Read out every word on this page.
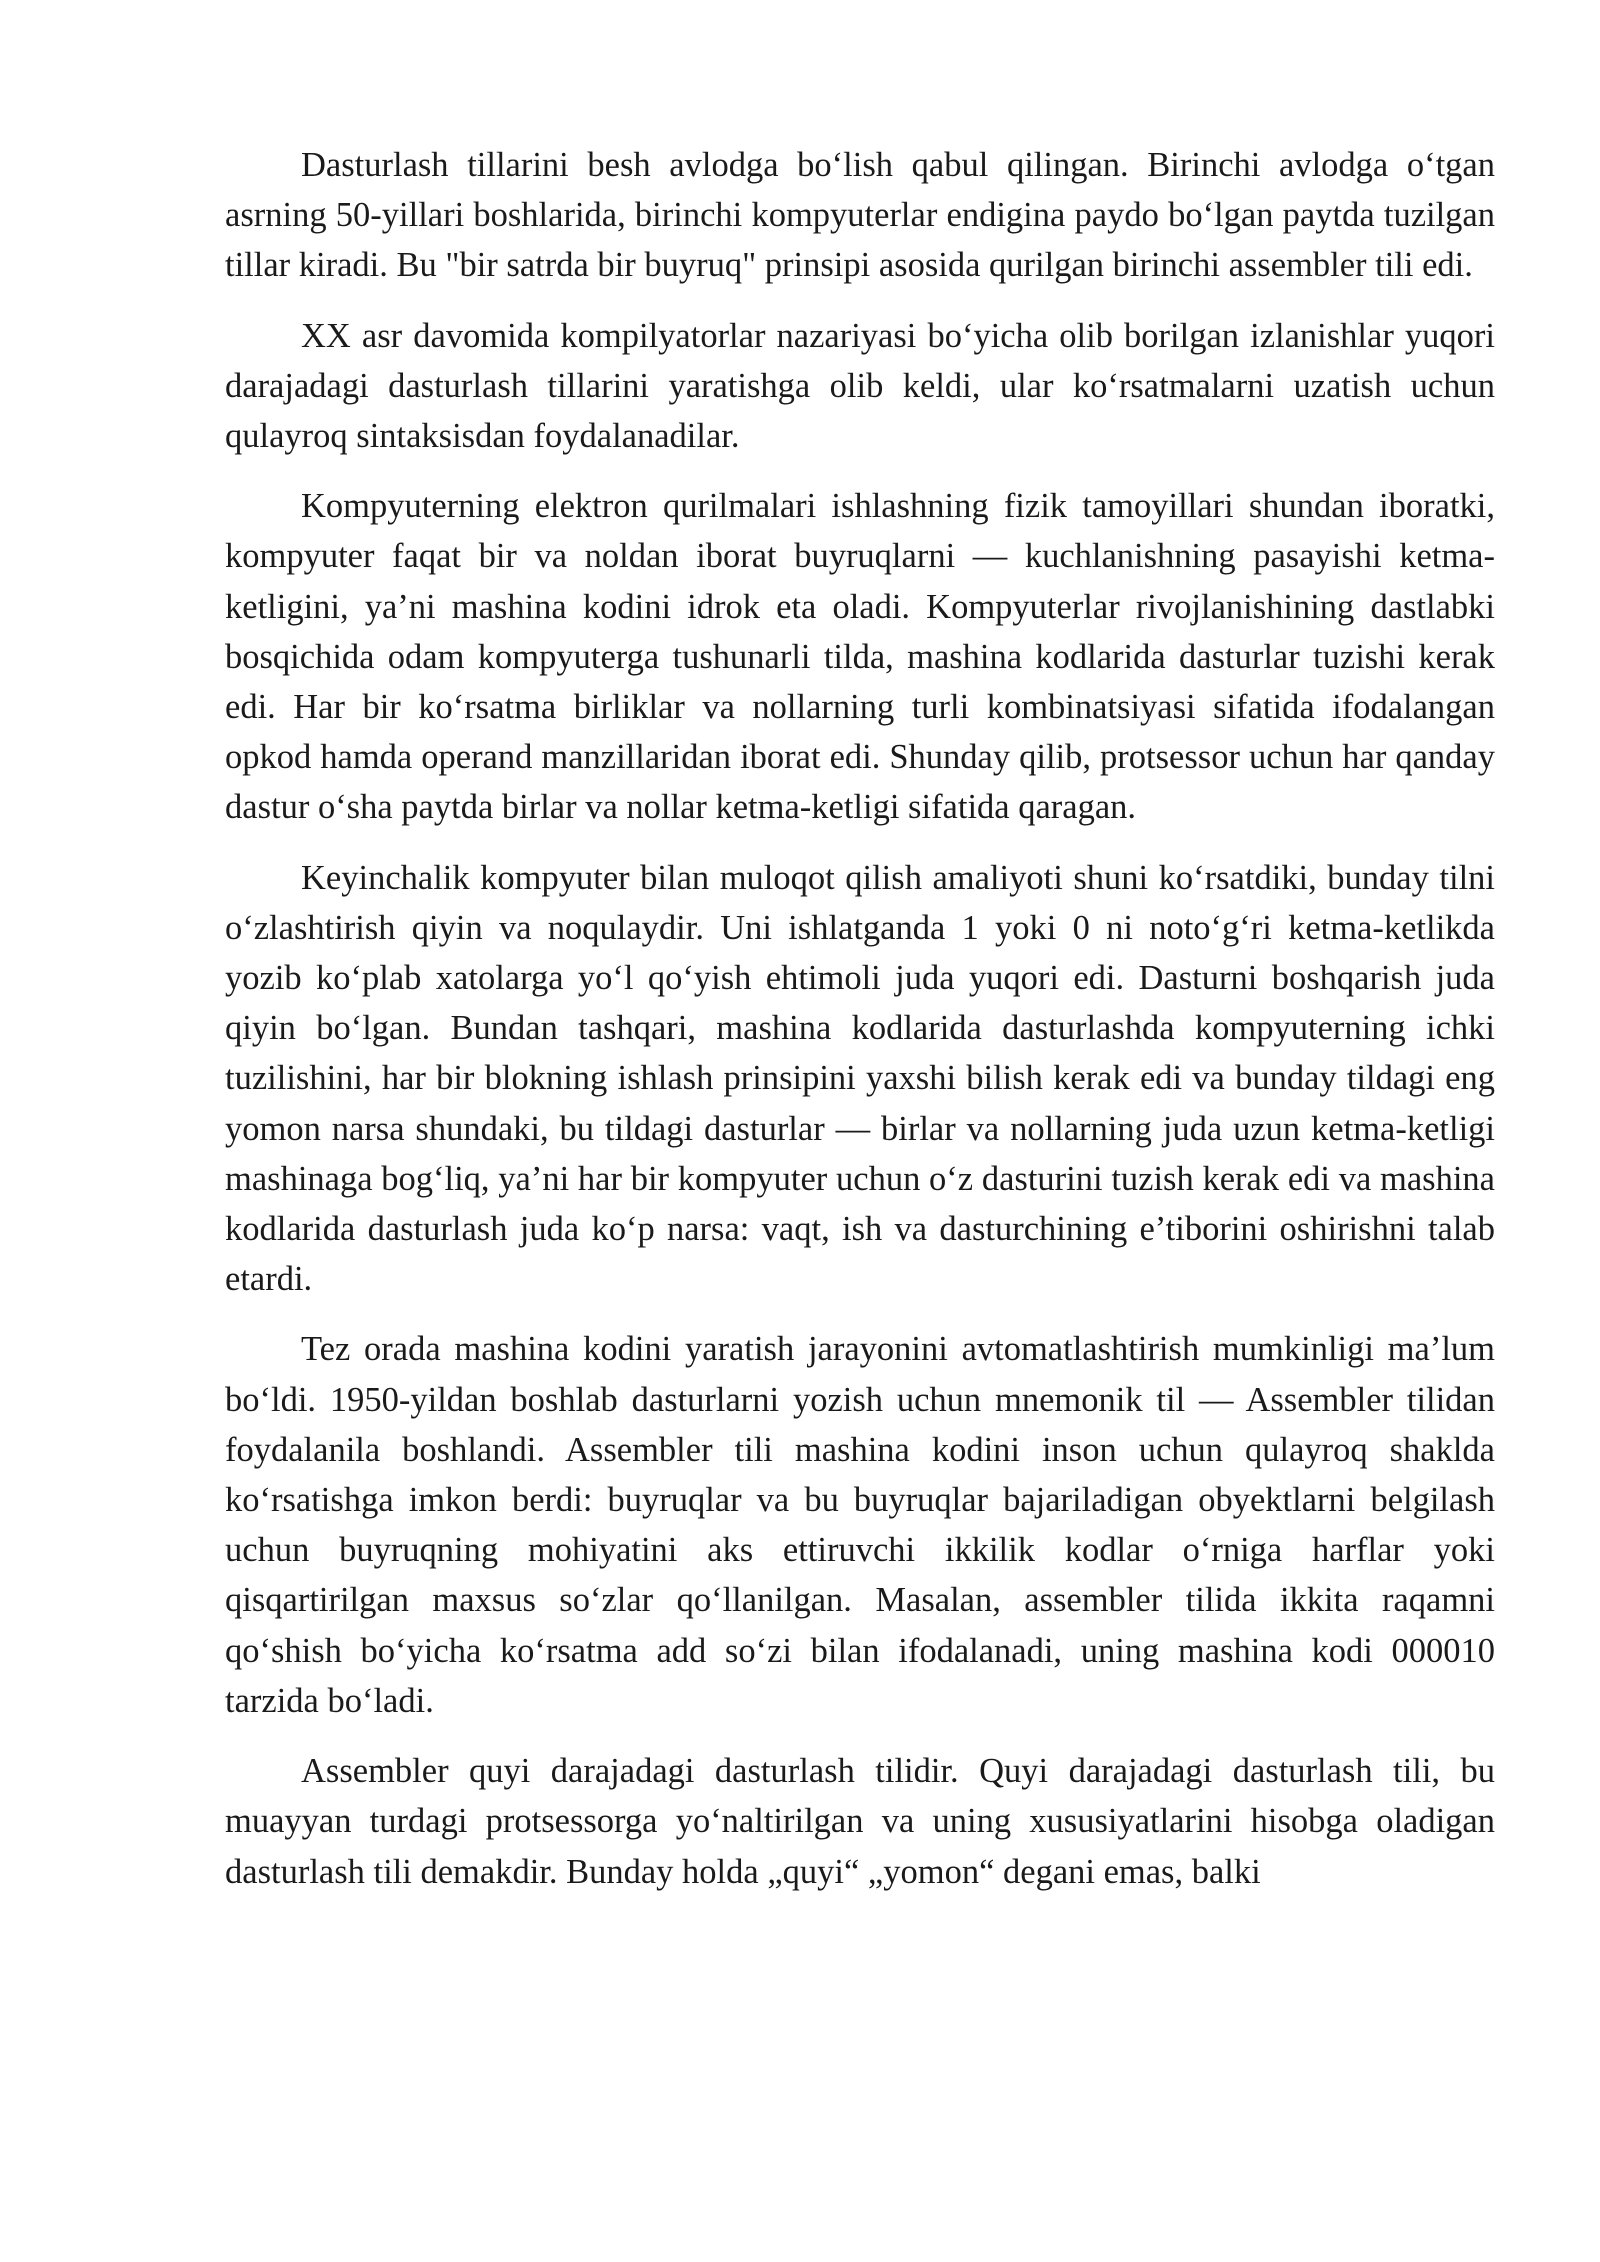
Dasturlash tillarini besh avlodga bo‘lish qabul qilingan. Birinchi avlodga o‘tgan asrning 50-yillari boshlarida, birinchi kompyuterlar endigina paydo bo‘lgan paytda tuzilgan tillar kiradi. Bu "bir satrda bir buyruq" prinsipi asosida qurilgan birinchi assembler tili edi.

XX asr davomida kompilyatorlar nazariyasi bo‘yicha olib borilgan izlanishlar yuqori darajadagi dasturlash tillarini yaratishga olib keldi, ular ko‘rsatmalarni uzatish uchun qulayroq sintaksisdan foydalanadilar.

Kompyuterning elektron qurilmalari ishlashning fizik tamoyillari shundan iboratki, kompyuter faqat bir va noldan iborat buyruqlarni — kuchlanishning pasayishi ketma-ketligini, ya’ni mashina kodini idrok eta oladi. Kompyuterlar rivojlanishining dastlabki bosqichida odam kompyuterga tushunarli tilda, mashina kodlarida dasturlar tuzishi kerak edi. Har bir ko‘rsatma birliklar va nollarning turli kombinatsiyasi sifatida ifodalangan opkod hamda operand manzillaridan iborat edi. Shunday qilib, protsessor uchun har qanday dastur o‘sha paytda birlar va nollar ketma-ketligi sifatida qaragan.

Keyinchalik kompyuter bilan muloqot qilish amaliyoti shuni ko‘rsatdiki, bunday tilni o‘zlashtirish qiyin va noqulaydir. Uni ishlatganda 1 yoki 0 ni noto‘g‘ri ketma-ketlikda yozib ko‘plab xatolarga yo‘l qo‘yish ehtimoli juda yuqori edi. Dasturni boshqarish juda qiyin bo‘lgan. Bundan tashqari, mashina kodlarida dasturlashda kompyuterning ichki tuzilishini, har bir blokning ishlash prinsipini yaxshi bilish kerak edi va bunday tildagi eng yomon narsa shundaki, bu tildagi dasturlar — birlar va nollarning juda uzun ketma-ketligi mashinaga bog‘liq, ya’ni har bir kompyuter uchun o‘z dasturini tuzish kerak edi va mashina kodlarida dasturlash juda ko‘p narsa: vaqt, ish va dasturchining e’tiborini oshirishni talab etardi.

Tez orada mashina kodini yaratish jarayonini avtomatlashtirish mumkinligi ma’lum bo‘ldi. 1950-yildan boshlab dasturlarni yozish uchun mnemonik til — Assembler tilidan foydalanila boshlandi. Assembler tili mashina kodini inson uchun qulayroq shaklda ko‘rsatishga imkon berdi: buyruqlar va bu buyruqlar bajariladigan obyektlarni belgilash uchun buyruqning mohiyatini aks ettiruvchi ikkilik kodlar o‘rniga harflar yoki qisqartirilgan maxsus so‘zlar qo‘llanilgan. Masalan, assembler tilida ikkita raqamni qo‘shish bo‘yicha ko‘rsatma add so‘zi bilan ifodalanadi, uning mashina kodi 000010 tarzida bo‘ladi.

Assembler quyi darajadagi dasturlash tilidir. Quyi darajadagi dasturlash tili, bu muayyan turdagi protsessorga yo‘naltirilgan va uning xususiyatlarini hisobga oladigan dasturlash tili demakdir. Bunday holda „quyi“ „yomon“ degani emas, balki
